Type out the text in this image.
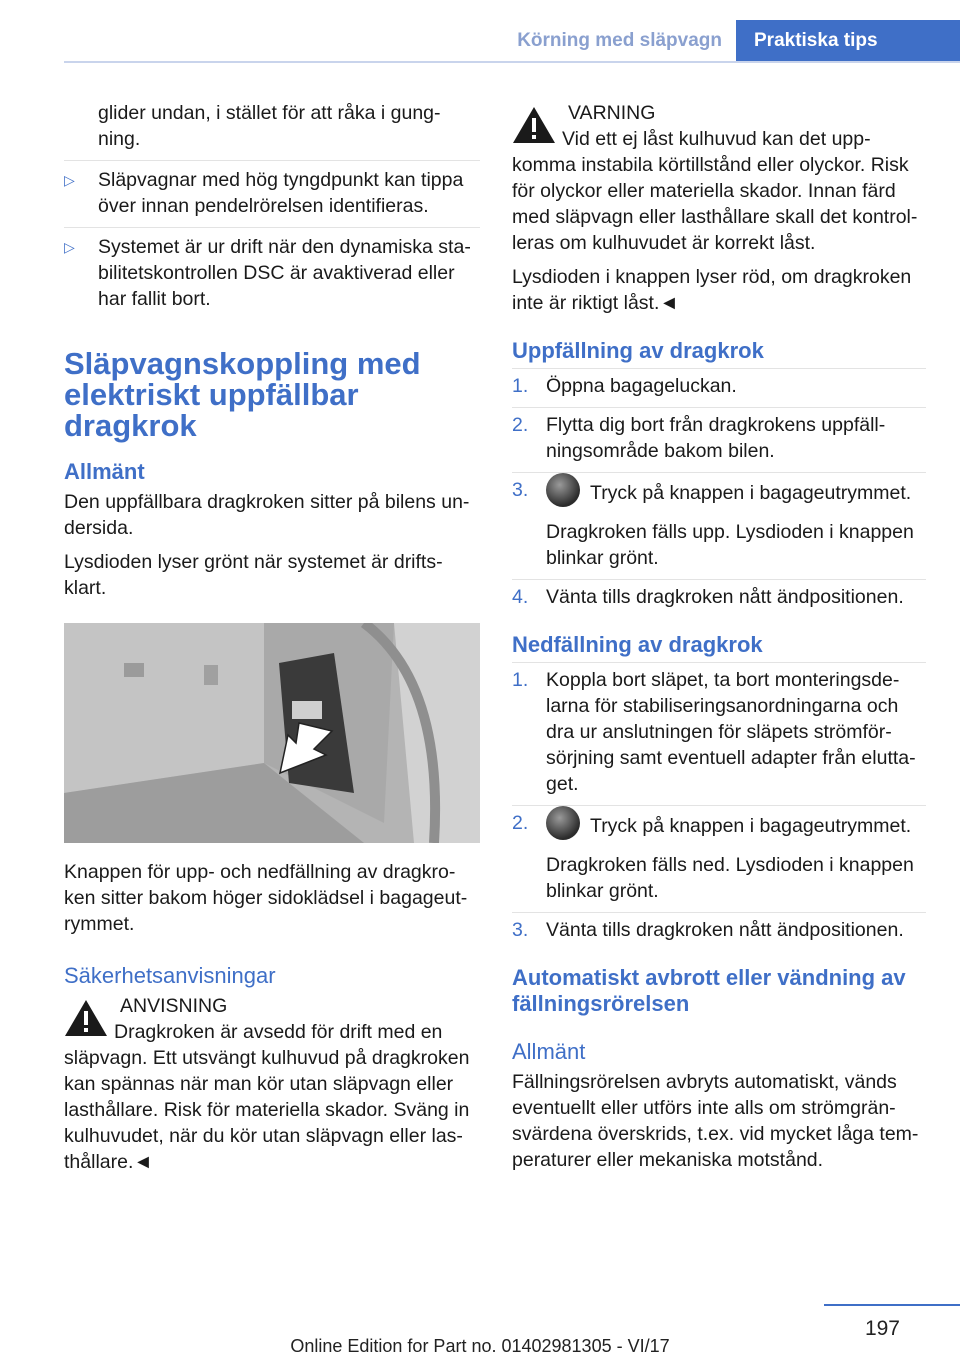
Körning med släpvagn	Praktiska tips

glider undan, i stället för att råka i gung-ning.

▷ Släpvagnar med hög tyngdpunkt kan tippa över innan pendelrörelsen identifieras.
▷ Systemet är ur drift när den dynamiska sta-bilitetskontrollen DSC är avaktiverad eller har fallit bort.
Släpvagnskoppling med elektriskt uppfällbar dragkrok
Allmänt

Den uppfällbara dragkroken sitter på bilens un-dersida.

Lysdioden lyser grönt när systemet är drifts-klart.

Knappen för upp- och nedfällning av dragkro-ken sitter bakom höger sidoklädsel i bagageut-rymmet.

Säkerhetsanvisningar
ANVISNING
Dragkroken är avsedd för drift med en släpvagn. Ett utsvängt kulhuvud på dragkroken kan spännas när man kör utan släpvagn eller lasthållare. Risk för materiella skador. Sväng in kulhuvudet, när du kör utan släpvagn eller las-thållare.◄
VARNING
Vid ett ej låst kulhuvud kan det upp-komma instabila körtillstånd eller olyckor. Risk för olyckor eller materiella skador. Innan färd med släpvagn eller lasthållare skall det kontrol-leras om kulhuvudet är korrekt låst.

Lysdioden i knappen lyser röd, om dragkroken inte är riktigt låst.◄

Uppfällning av dragkrok
1. Öppna bagageluckan.
2. Flytta dig bort från dragkrokens uppfäll-ningsområde bakom bilen.
3.	Tryck på knappen i bagageutrymmet.
Dragkroken fälls upp. Lysdioden i knappen blinkar grönt.
4. Vänta tills dragkroken nått ändpositionen.
Nedfällning av dragkrok
1. Koppla bort släpet, ta bort monteringsde-larna för stabiliseringsanordningarna och dra ur anslutningen för släpets strömför-sörjning samt eventuell adapter från elutta-get.
2.	Tryck på knappen i bagageutrymmet.
Dragkroken fälls ned. Lysdioden i knappen blinkar grönt.
3. Vänta tills dragkroken nått ändpositionen.
Automatiskt avbrott eller vändning av fällningsrörelsen
Allmänt

Fällningsrörelsen avbryts automatiskt, vänds eventuellt eller utförs inte alls om strömgrän-svärdena överskrids, t.ex. vid mycket låga tem-peraturer eller mekaniska motstånd.

197
Online Edition for Part no. 01402981305 - VI/17
